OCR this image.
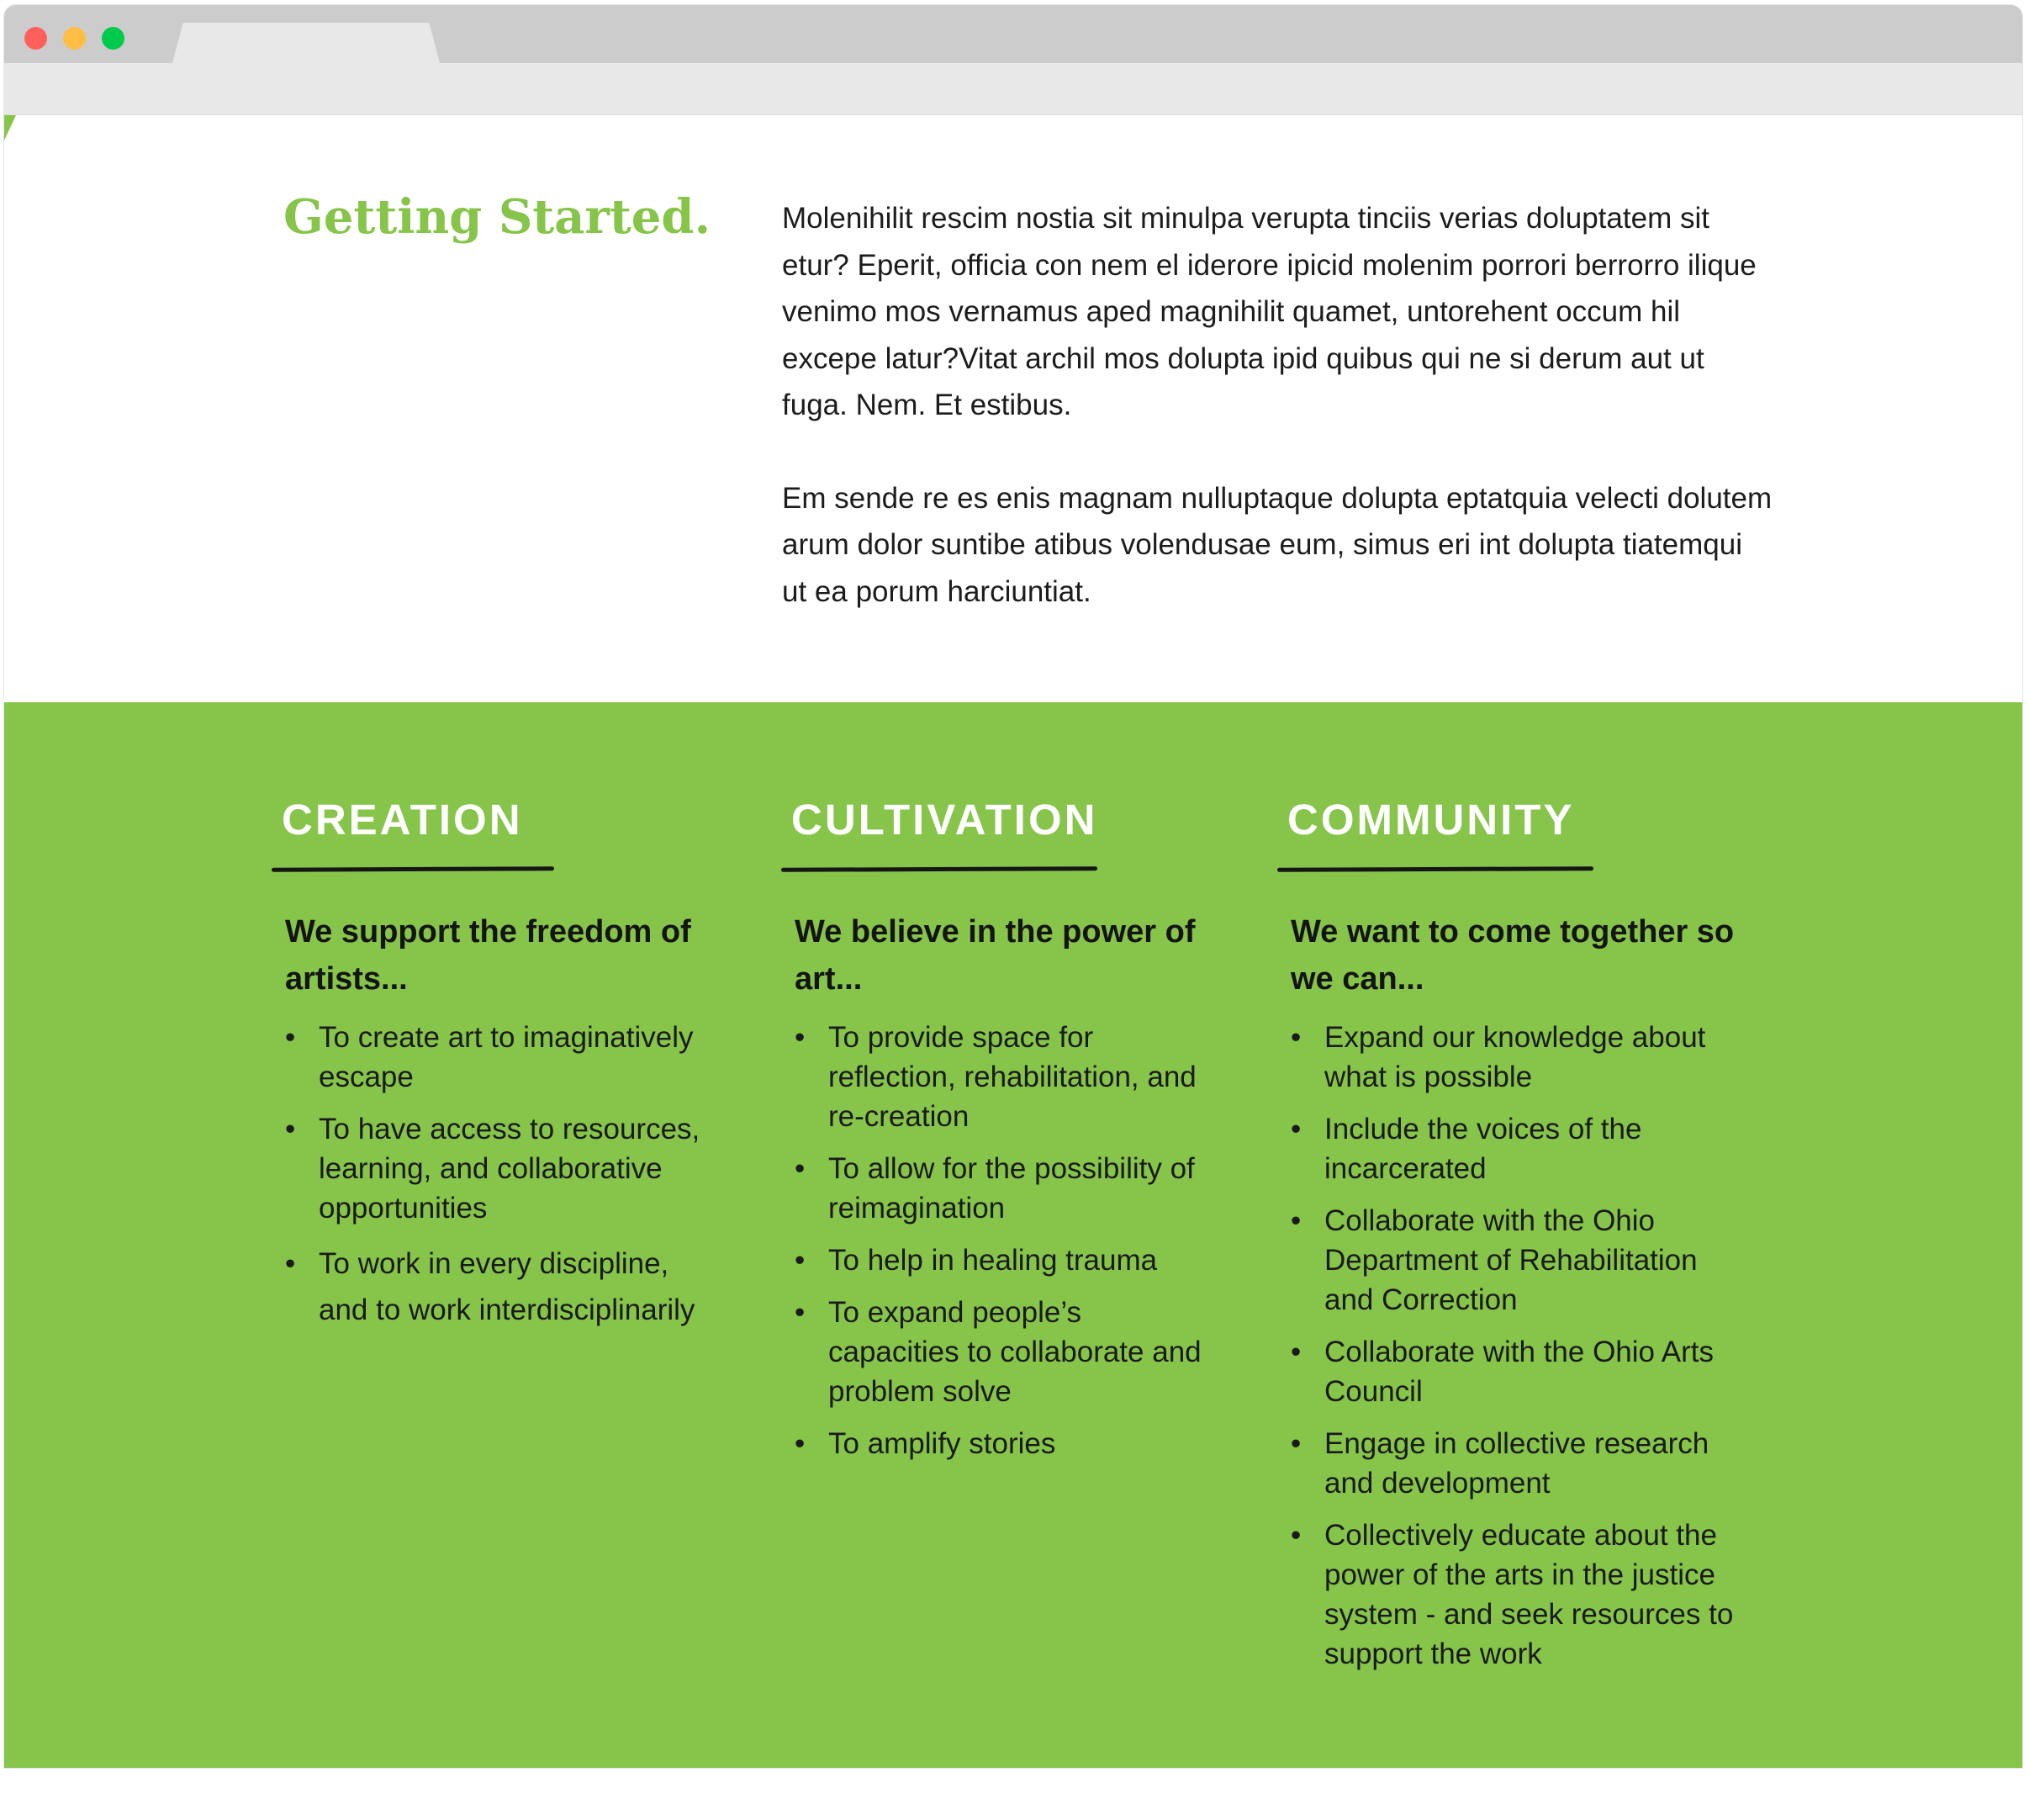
Getting Started.	Molenihilit rescim nostia sit minulpa verupta tinciis verias doluptatem sit etur? Eperit, officia con nem el iderore ipicid molenim porrori berrorro ilique venimo mos vernamus aped magnihilit quamet, untorehent occum hil excepe latur?Vitat archil mos dolupta ipid quibus qui ne si derum aut ut fuga. Nem. Et estibus.

Em sende re es enis magnam nulluptaque dolupta eptatquia velecti dolutem arum dolor suntibe atibus volendusae eum, simus eri int dolupta tiatemqui ut ea porum harciuntiat.

CREATION
We support the freedom of artists...
• To create art to imaginatively escape
• To have access to resources, learning, and collaborative opportunities
• To work in every discipline, and to work interdisciplinarily
CULTIVATION
We believe in the power of art...
• To provide space for reflection, rehabilitation, and re-creation
• To allow for the possibility of reimagination
• To help in healing trauma
• To expand people’s capacities to collaborate and problem solve
• To amplify stories
COMMUNITY
We want to come together so we can...
• Expand our knowledge about what is possible
• Include the voices of the incarcerated
• Collaborate with the Ohio Department of Rehabilitation and Correction
• Collaborate with the Ohio Arts Council
• Engage in collective research and development
• Collectively educate about the power of the arts in the justice system - and seek resources to support the work
